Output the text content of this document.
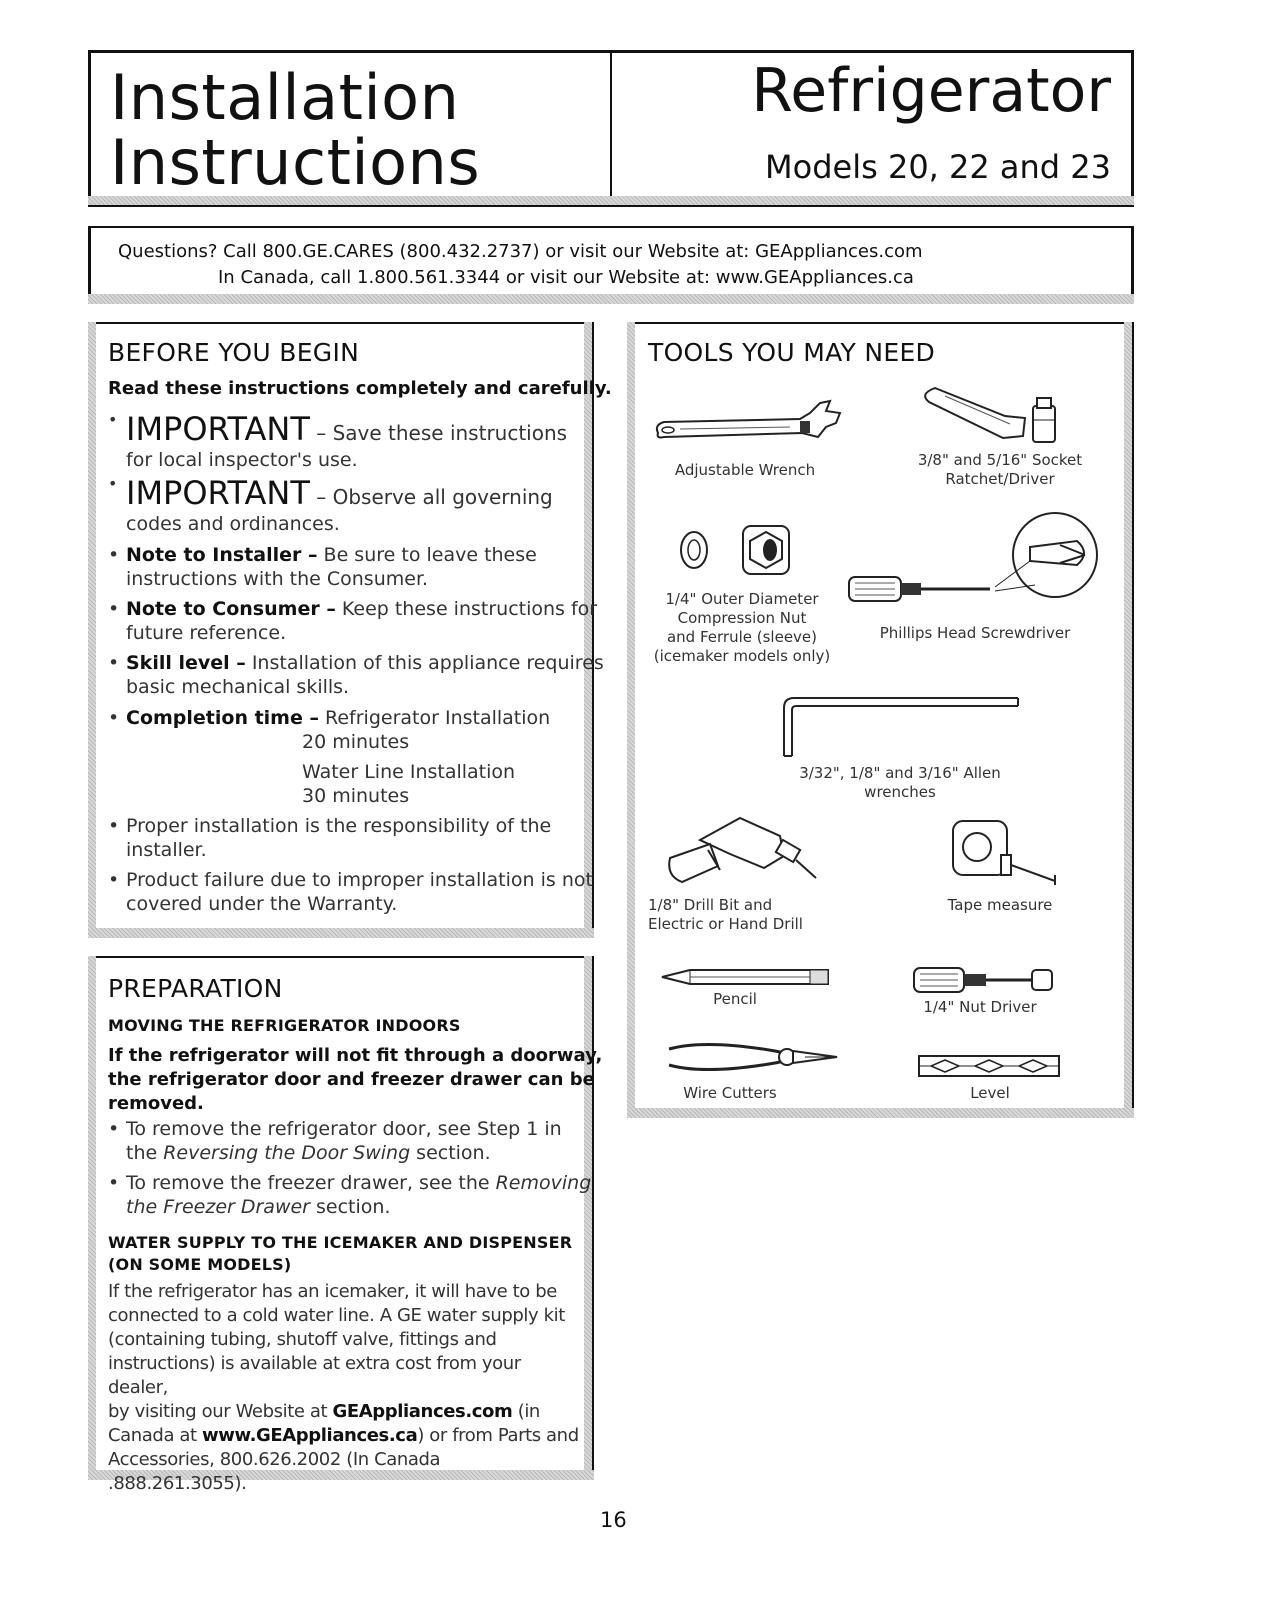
Installation
Instructions
Refrigerator
Models 20, 22 and 23
Questions? Call 800.GE.CARES (800.432.2737) or visit our Website at: GEAppliances.com
In Canada, call 1.800.561.3344 or visit our Website at: www.GEAppliances.ca
BEFORE YOU BEGIN
Read these instructions completely and carefully.
• IMPORTANT – Save these instructions
for local inspector's use.
• IMPORTANT – Observe all governing
codes and ordinances.
• Note to Installer – Be sure to leave these
instructions with the Consumer.
• Note to Consumer – Keep these instructions for
future reference.
• Skill level – Installation of this appliance requires
basic mechanical skills.
• Completion time – Refrigerator Installation
20 minutes
Water Line Installation
30 minutes
• Proper installation is the responsibility of the
installer.
• Product failure due to improper installation is not
covered under the Warranty.
PREPARATION
MOVING THE REFRIGERATOR INDOORS
If the refrigerator will not fit through a doorway,
the refrigerator door and freezer drawer can be
removed.
• To remove the refrigerator door, see Step 1 in
the Reversing the Door Swing section.
• To remove the freezer drawer, see the Removing
the Freezer Drawer section.
WATER SUPPLY TO THE ICEMAKER AND DISPENSER
(ON SOME MODELS)
If the refrigerator has an icemaker, it will have to be
connected to a cold water line. A GE water supply kit
(containing tubing, shutoff valve, fittings and
instructions) is available at extra cost from your dealer,
by visiting our Website at GEAppliances.com (in
Canada at www.GEAppliances.ca) or from Parts and
Accessories, 800.626.2002 (In Canada .888.261.3055).
TOOLS YOU MAY NEED
Adjustable Wrench
3/8" and 5/16" Socket
Ratchet/Driver
1/4" Outer Diameter
Compression Nut
and Ferrule (sleeve)
(icemaker models only)
Phillips Head Screwdriver
3/32", 1/8" and 3/16" Allen
wrenches
1/8" Drill Bit and
Electric or Hand Drill
Tape measure
Pencil	1/4" Nut Driver
Wire Cutters	Level
16
